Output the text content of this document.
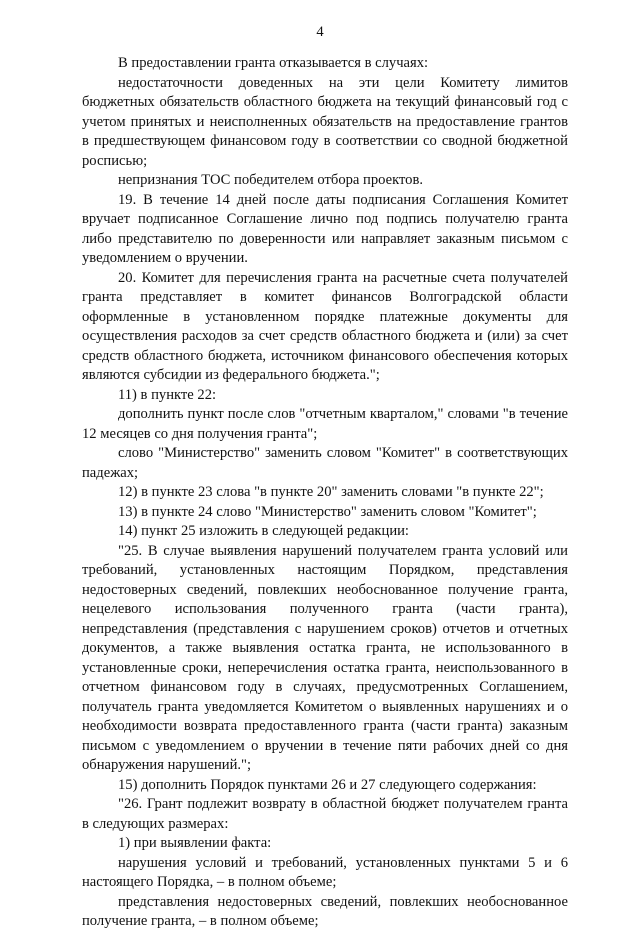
4

В предоставлении гранта отказывается в случаях:

недостаточности доведенных на эти цели Комитету лимитов бюджетных обязательств областного бюджета на текущий финансовый год с учетом принятых и неисполненных обязательств на предоставление грантов в предшествующем финансовом году в соответствии со сводной бюджетной росписью;

непризнания ТОС победителем отбора проектов.

19. В течение 14 дней после даты подписания Соглашения Комитет вручает подписанное Соглашение лично под подпись получателю гранта либо представителю по доверенности или направляет заказным письмом с уведомлением о вручении.

20. Комитет для перечисления гранта на расчетные счета получателей гранта представляет в комитет финансов Волгоградской области оформленные в установленном порядке платежные документы для осуществления расходов за счет средств областного бюджета и (или) за счет средств областного бюджета, источником финансового обеспечения которых являются субсидии из федерального бюджета.";

11) в пункте 22:

дополнить пункт после слов "отчетным кварталом," словами "в течение 12 месяцев со дня получения гранта";

слово "Министерство" заменить словом "Комитет" в соответствующих падежах;

12) в пункте 23 слова "в пункте 20" заменить словами "в пункте 22";

13) в пункте 24 слово "Министерство" заменить словом "Комитет";

14) пункт 25 изложить в следующей редакции:

"25. В случае выявления нарушений получателем гранта условий или требований, установленных настоящим Порядком, представления недостоверных сведений, повлекших необоснованное получение гранта, нецелевого использования полученного гранта (части гранта), непредставления (представления с нарушением сроков) отчетов и отчетных документов, а также выявления остатка гранта, не использованного в установленные сроки, неперечисления остатка гранта, неиспользованного в отчетном финансовом году в случаях, предусмотренных Соглашением, получатель гранта уведомляется Комитетом о выявленных нарушениях и о необходимости возврата предоставленного гранта (части гранта) заказным письмом с уведомлением о вручении в течение пяти рабочих дней со дня обнаружения нарушений.";

15) дополнить Порядок пунктами 26 и 27 следующего содержания:

"26. Грант подлежит возврату в областной бюджет получателем гранта в следующих размерах:

1) при выявлении факта:

нарушения условий и требований, установленных пунктами 5 и 6 настоящего Порядка, – в полном объеме;

представления недостоверных сведений, повлекших необоснованное получение гранта, – в полном объеме;
